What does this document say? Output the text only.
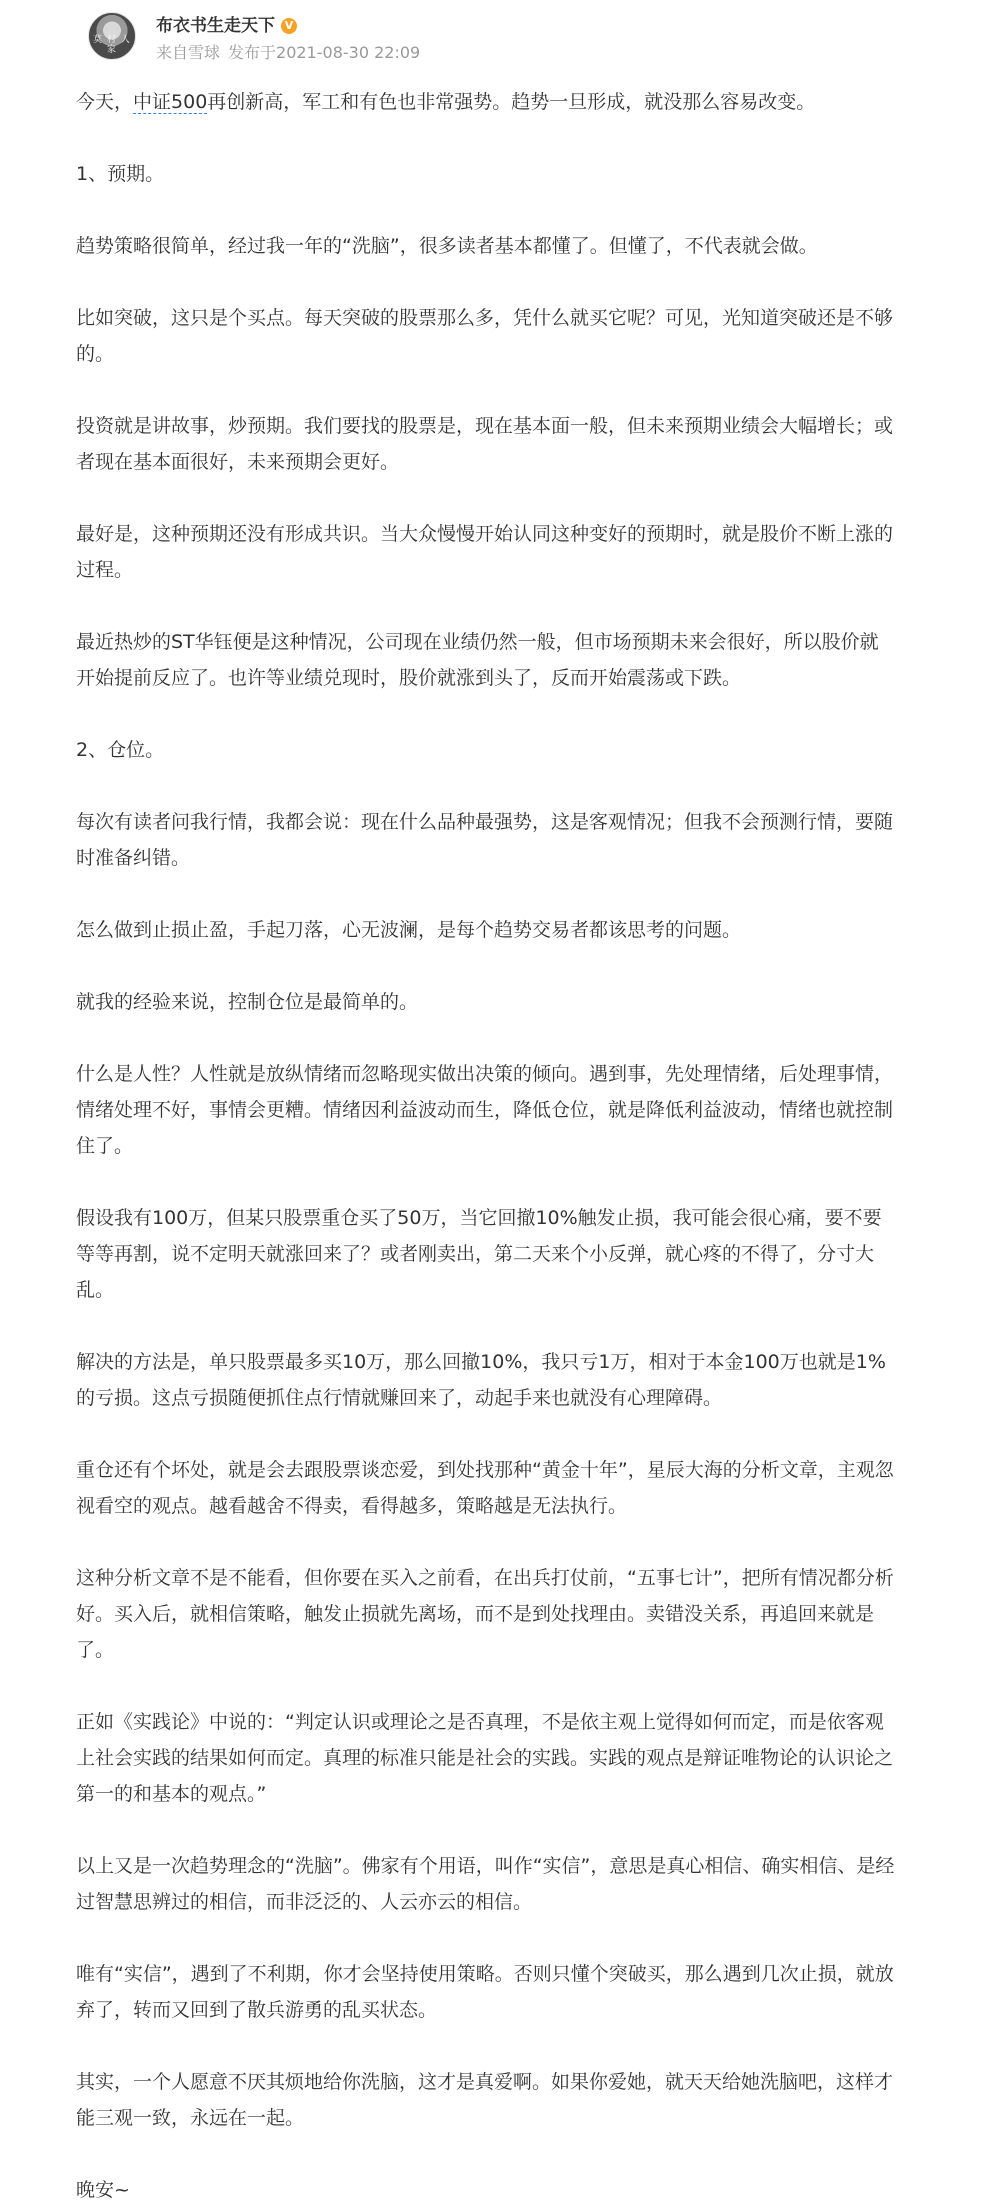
莫 村 人 家
布衣书生走天下 V
来自雪球 发布于2021-08-30 22:09

今天，中证500再创新高，军工和有色也非常强势。趋势一旦形成，就没那么容易改变。

1、预期。

趋势策略很简单，经过我一年的“洗脑”，很多读者基本都懂了。但懂了，不代表就会做。

比如突破，这只是个买点。每天突破的股票那么多，凭什么就买它呢？可见，光知道突破还是不够的。

投资就是讲故事，炒预期。我们要找的股票是，现在基本面一般，但未来预期业绩会大幅增长；或者现在基本面很好，未来预期会更好。

最好是，这种预期还没有形成共识。当大众慢慢开始认同这种变好的预期时，就是股价不断上涨的过程。

最近热炒的ST华钰便是这种情况，公司现在业绩仍然一般，但市场预期未来会很好，所以股价就开始提前反应了。也许等业绩兑现时，股价就涨到头了，反而开始震荡或下跌。

2、仓位。

每次有读者问我行情，我都会说：现在什么品种最强势，这是客观情况；但我不会预测行情，要随时准备纠错。

怎么做到止损止盈，手起刀落，心无波澜，是每个趋势交易者都该思考的问题。

就我的经验来说，控制仓位是最简单的。

什么是人性？人性就是放纵情绪而忽略现实做出决策的倾向。遇到事，先处理情绪，后处理事情，情绪处理不好，事情会更糟。情绪因利益波动而生，降低仓位，就是降低利益波动，情绪也就控制住了。

假设我有100万，但某只股票重仓买了50万，当它回撤10%触发止损，我可能会很心痛，要不要等等再割，说不定明天就涨回来了？或者刚卖出，第二天来个小反弹，就心疼的不得了，分寸大乱。

解决的方法是，单只股票最多买10万，那么回撤10%，我只亏1万，相对于本金100万也就是1%的亏损。这点亏损随便抓住点行情就赚回来了，动起手来也就没有心理障碍。

重仓还有个坏处，就是会去跟股票谈恋爱，到处找那种“黄金十年”，星辰大海的分析文章，主观忽视看空的观点。越看越舍不得卖，看得越多，策略越是无法执行。

这种分析文章不是不能看，但你要在买入之前看，在出兵打仗前，“五事七计”，把所有情况都分析好。买入后，就相信策略，触发止损就先离场，而不是到处找理由。卖错没关系，再追回来就是了。

正如《实践论》中说的：“判定认识或理论之是否真理，不是依主观上觉得如何而定，而是依客观上社会实践的结果如何而定。真理的标准只能是社会的实践。实践的观点是辩证唯物论的认识论之第一的和基本的观点。”

以上又是一次趋势理念的“洗脑”。佛家有个用语，叫作“实信”，意思是真心相信、确实相信、是经过智慧思辨过的相信，而非泛泛的、人云亦云的相信。

唯有“实信”，遇到了不利期，你才会坚持使用策略。否则只懂个突破买，那么遇到几次止损，就放弃了，转而又回到了散兵游勇的乱买状态。

其实，一个人愿意不厌其烦地给你洗脑，这才是真爱啊。如果你爱她，就天天给她洗脑吧，这样才能三观一致，永远在一起。

晚安~
